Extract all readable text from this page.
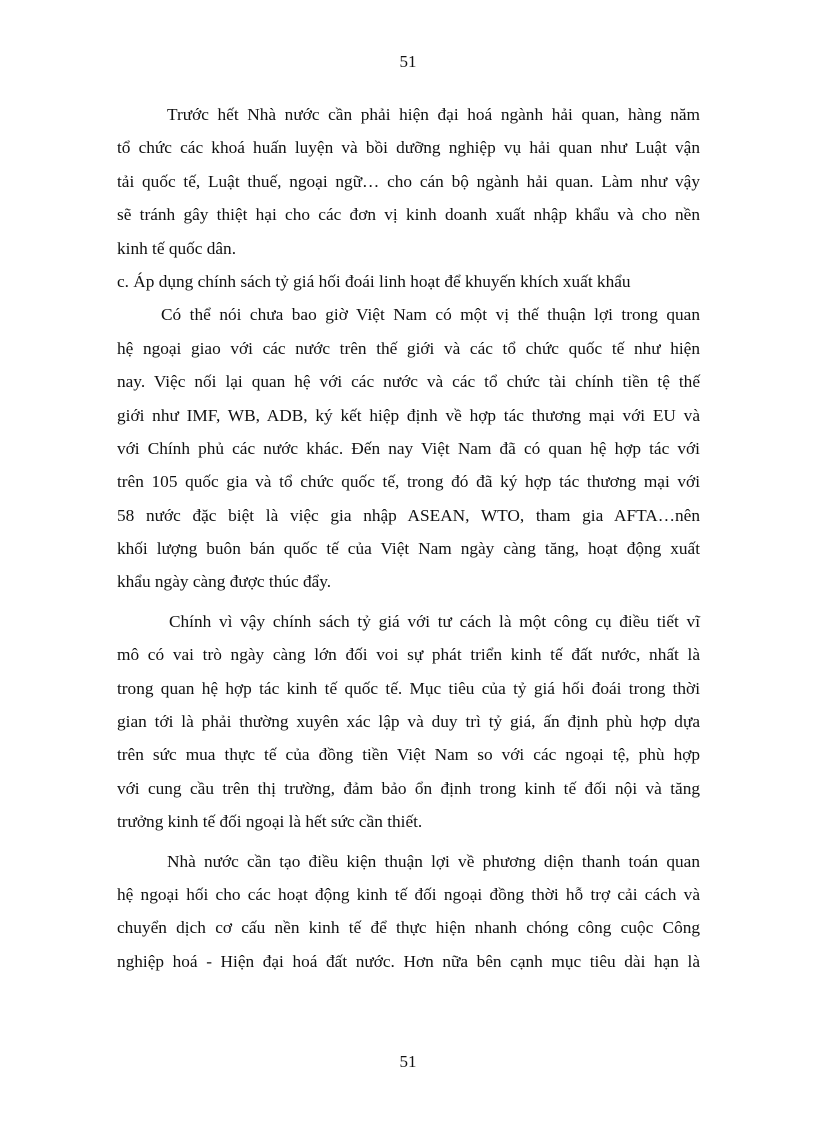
51
Trước hết Nhà nước cần phải hiện đại hoá ngành hải quan, hàng năm
tổ chức các khoá huấn luyện và bồi dưỡng nghiệp vụ hải quan như Luật vận
tải quốc tế, Luật thuế, ngoại ngữ… cho cán bộ ngành hải quan. Làm như vậy
sẽ tránh gây thiệt hại cho các đơn vị kinh doanh xuất nhập khẩu và cho nền
kinh tế quốc dân.
c. Áp dụng chính sách tỷ giá hối đoái linh hoạt để khuyến khích xuất khẩu
Có thể nói chưa bao giờ Việt Nam có một vị thế thuận lợi trong quan
hệ ngoại giao với các nước trên thế giới và các tổ chức quốc tế như hiện
nay. Việc nối lại quan hệ với các nước và các tổ chức tài chính tiền tệ thế
giới như IMF, WB, ADB, ký kết hiệp định về hợp tác thương mại với EU và
với Chính phủ các nước khác. Đến nay Việt Nam đã có quan hệ hợp tác với
trên 105 quốc gia và tổ chức quốc tế, trong đó đã ký hợp tác thương mại với
58 nước đặc biệt là việc gia nhập ASEAN, WTO, tham gia AFTA…nên
khối lượng buôn bán quốc tế của Việt Nam ngày càng tăng, hoạt động xuất
khẩu ngày càng được thúc đẩy.
Chính vì vậy chính sách tỷ giá với tư cách là một công cụ điều tiết vĩ
mô có vai trò ngày càng lớn đối voi sự phát triển kinh tế đất nước, nhất là
trong quan hệ hợp tác kinh tế quốc tế. Mục tiêu của tỷ giá hối đoái trong thời
gian tới là phải thường xuyên xác lập và duy trì tỷ giá, ấn định phù hợp dựa
trên sức mua thực tế của đồng tiền Việt Nam so với các ngoại tệ, phù hợp
với cung cầu trên thị trường, đảm bảo ổn định trong kinh tế đối nội và tăng
trưởng kinh tế đối ngoại là hết sức cần thiết.
Nhà nước cần tạo điều kiện thuận lợi về phương diện thanh toán quan
hệ ngoại hối cho các hoạt động kinh tế đối ngoại đồng thời hỗ trợ cải cách và
chuyển dịch cơ cấu nền kinh tế để thực hiện nhanh chóng công cuộc Công
nghiệp hoá - Hiện đại hoá đất nước. Hơn nữa bên cạnh mục tiêu dài hạn là
51
